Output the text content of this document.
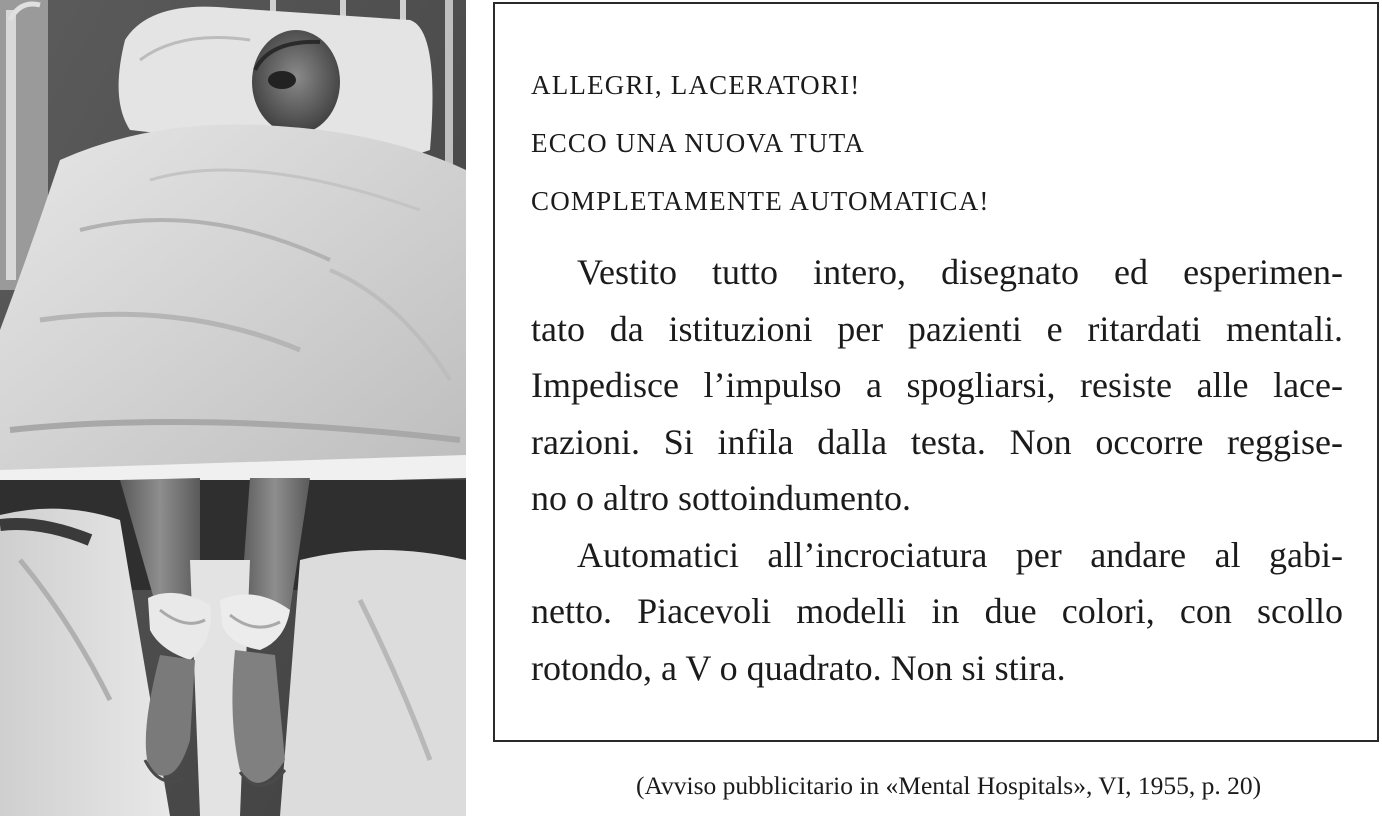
ALLEGRI, LACERATORI!
ECCO UNA NUOVA TUTA
COMPLETAMENTE AUTOMATICA!
Vestito tutto intero, disegnato ed esperimen-
tato da istituzioni per pazienti e ritardati mentali.
Impedisce l’impulso a spogliarsi, resiste alle lace-
razioni. Si infila dalla testa. Non occorre reggise-
no o altro sottoindumento.
Automatici all’incrociatura per andare al gabi-
netto. Piacevoli modelli in due colori, con scollo
rotondo, a V o quadrato. Non si stira.
(Avviso pubblicitario in «Mental Hospitals», VI, 1955, p. 20)
